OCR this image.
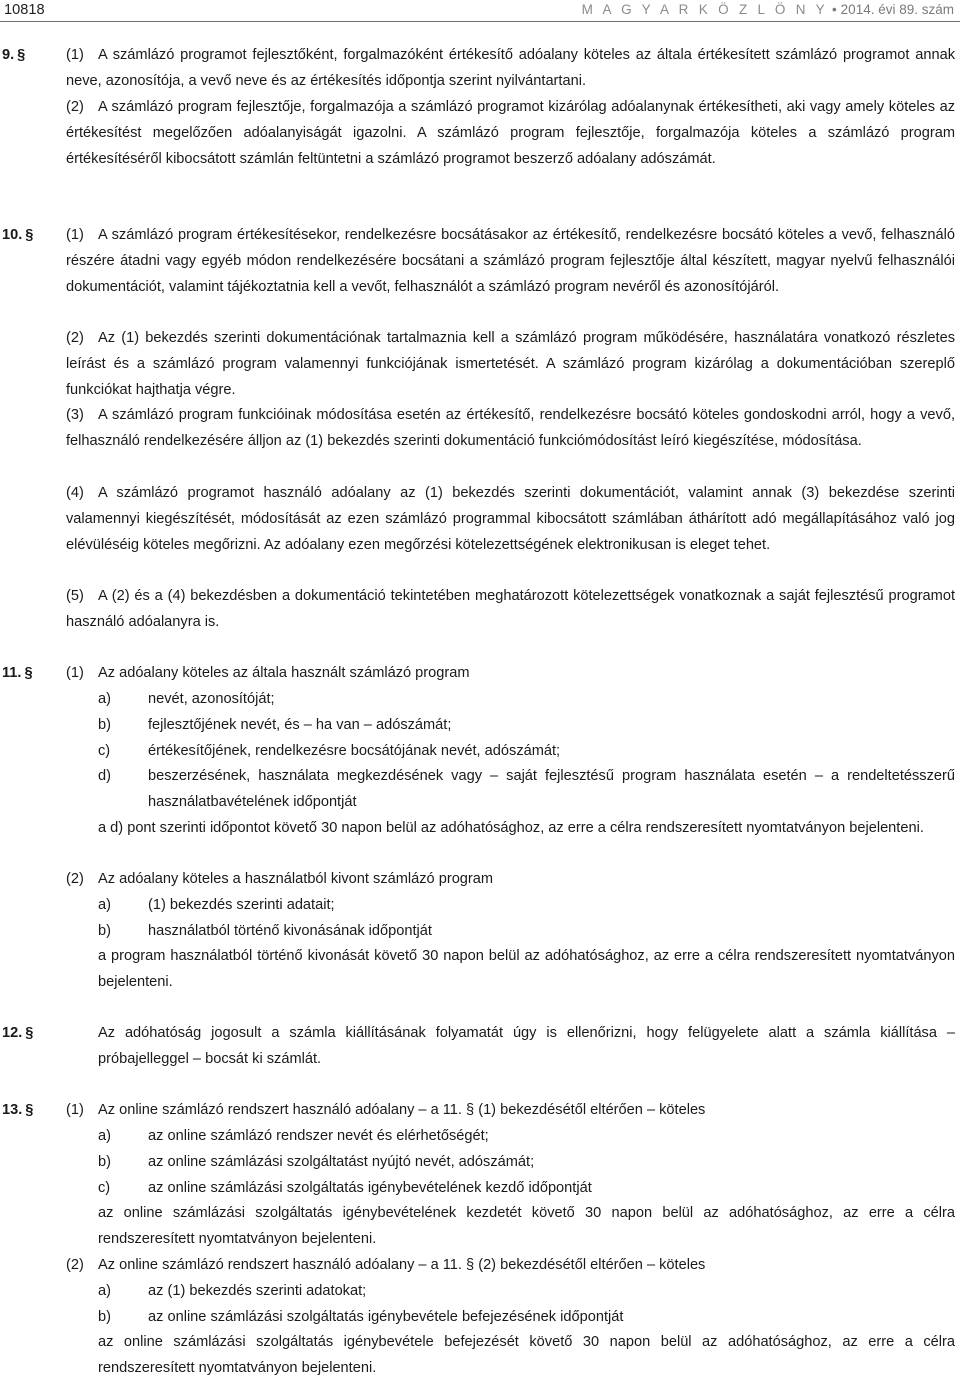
10818	M A G Y A R K Ö Z L Ö N Y • 2014. évi 89. szám
9. §	(1) A számlázó programot fejlesztőként, forgalmazóként értékesítő adóalany köteles az általa értékesített számlázó programot annak neve, azonosítója, a vevő neve és az értékesítés időpontja szerint nyilvántartani.
(2) A számlázó program fejlesztője, forgalmazója a számlázó programot kizárólag adóalanynak értékesítheti, aki vagy amely köteles az értékesítést megelőzően adóalanyiságát igazolni. A számlázó program fejlesztője, forgalmazója köteles a számlázó program értékesítéséről kibocsátott számlán feltüntetni a számlázó programot beszerző adóalany adószámát.
10. §	(1) A számlázó program értékesítésekor, rendelkezésre bocsátásakor az értékesítő, rendelkezésre bocsátó köteles a vevő, felhasználó részére átadni vagy egyéb módon rendelkezésére bocsátani a számlázó program fejlesztője által készített, magyar nyelvű felhasználói dokumentációt, valamint tájékoztatnia kell a vevőt, felhasználót a számlázó program nevéről és azonosítójáról.
(2) Az (1) bekezdés szerinti dokumentációnak tartalmaznia kell a számlázó program működésére, használatára vonatkozó részletes leírást és a számlázó program valamennyi funkciójának ismertetését. A számlázó program kizárólag a dokumentációban szereplő funkciókat hajthatja végre.
(3) A számlázó program funkcióinak módosítása esetén az értékesítő, rendelkezésre bocsátó köteles gondoskodni arról, hogy a vevő, felhasználó rendelkezésére álljon az (1) bekezdés szerinti dokumentáció funkciómódosítást leíró kiegészítése, módosítása.
(4) A számlázó programot használó adóalany az (1) bekezdés szerinti dokumentációt, valamint annak (3) bekezdése szerinti valamennyi kiegészítését, módosítását az ezen számlázó programmal kibocsátott számlában áthárított adó megállapításához való jog elévüléséig köteles megőrizni. Az adóalany ezen megőrzési kötelezettségének elektronikusan is eleget tehet.
(5) A (2) és a (4) bekezdésben a dokumentáció tekintetében meghatározott kötelezettségek vonatkoznak a saját fejlesztésű programot használó adóalanyra is.
11. §	(1) Az adóalany köteles az általa használt számlázó program
a)	nevét, azonosítóját;
b)	fejlesztőjének nevét, és – ha van – adószámát;
c)	értékesítőjének, rendelkezésre bocsátójának nevét, adószámát;
d)	beszerzésének, használata megkezdésének vagy – saját fejlesztésű program használata esetén – a rendeltetésszerű használatbavételének időpontját
a d) pont szerinti időpontot követő 30 napon belül az adóhatósághoz, az erre a célra rendszeresített nyomtatványon bejelenteni.
(2) Az adóalany köteles a használatból kivont számlázó program
a)	(1) bekezdés szerinti adatait;
b)	használatból történő kivonásának időpontját
a program használatból történő kivonását követő 30 napon belül az adóhatósághoz, az erre a célra rendszeresített nyomtatványon bejelenteni.
12. §	Az adóhatóság jogosult a számla kiállításának folyamatát úgy is ellenőrizni, hogy felügyelete alatt a számla kiállítása – próbajelleggel – bocsát ki számlát.
13. §	(1) Az online számlázó rendszert használó adóalany – a 11. § (1) bekezdésétől eltérően – köteles
a)	az online számlázó rendszer nevét és elérhetőségét;
b)	az online számlázási szolgáltatást nyújtó nevét, adószámát;
c)	az online számlázási szolgáltatás igénybevételének kezdő időpontját
az online számlázási szolgáltatás igénybevételének kezdetét követő 30 napon belül az adóhatósághoz, az erre a célra rendszeresített nyomtatványon bejelenteni.
(2) Az online számlázó rendszert használó adóalany – a 11. § (2) bekezdésétől eltérően – köteles
a)	az (1) bekezdés szerinti adatokat;
b)	az online számlázási szolgáltatás igénybevétele befejezésének időpontját
az online számlázási szolgáltatás igénybevétele befejezését követő 30 napon belül az adóhatósághoz, az erre a célra rendszeresített nyomtatványon bejelenteni.
